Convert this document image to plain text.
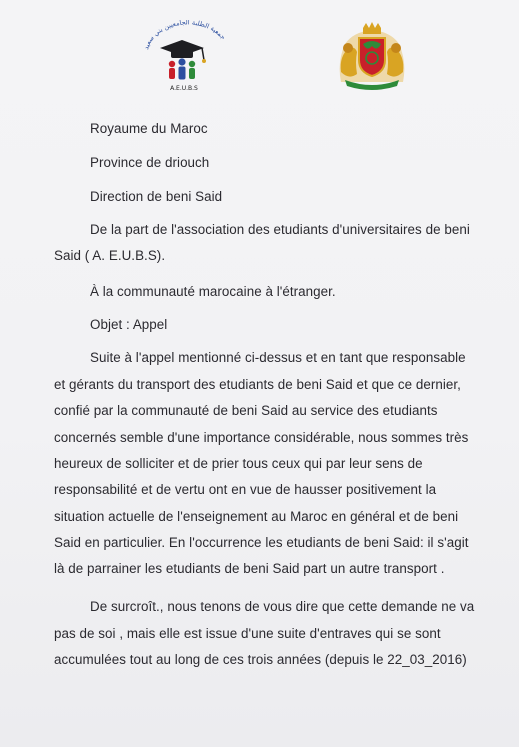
جمعية الطلبة الجامعيين بني سعيد
A.E.U.B.S
Royaume du Maroc
Province de driouch
Direction de beni Said
De la part de l'association des etudiants d'universitaires de beni
Said ( A. E.U.B.S).
À la communauté marocaine à l'étranger.
Objet : Appel
Suite à l'appel mentionné ci-dessus et en tant que responsable
et gérants du transport des etudiants de beni Said et que ce dernier,
confié par la communauté de beni Said au service des etudiants
concernés semble d'une importance considérable, nous sommes très
heureux de solliciter et de prier tous ceux qui par leur sens de
responsabilité et de vertu ont en vue de hausser positivement la
situation actuelle de l'enseignement au Maroc en général et de beni
Said en particulier. En l'occurrence les etudiants de beni Said: il s'agit
là de parrainer les etudiants de beni Said part un autre transport .
De surcroît., nous tenons de vous dire que cette demande ne va
pas de soi , mais elle est issue d'une suite d'entraves qui se sont
accumulées tout au long de ces trois années (depuis le 22_03_2016)
